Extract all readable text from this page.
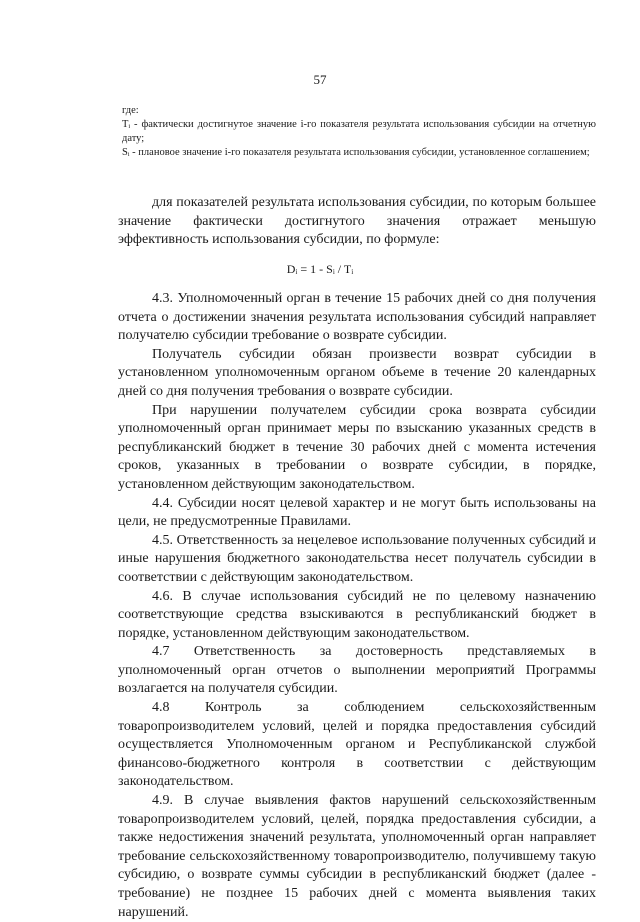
57

где:

Тᵢ - фактически достигнутое значение i-го показателя результата использования субсидии на отчетную дату;

Sᵢ - плановое значение i-го показателя результата использования субсидии, установленное соглашением;

для показателей результата использования субсидии, по которым большее значение фактически достигнутого значения отражает меньшую эффективность использования субсидии, по формуле:

Dᵢ = 1 - Sᵢ / Tᵢ

4.3. Уполномоченный орган в течение 15 рабочих дней со дня получения отчета о достижении значения результата использования субсидий направляет получателю субсидии требование о возврате субсидии.

Получатель субсидии обязан произвести возврат субсидии в установленном уполномоченным органом объеме в течение 20 календарных дней со дня получения требования о возврате субсидии.

При нарушении получателем субсидии срока возврата субсидии уполномоченный орган принимает меры по взысканию указанных средств в республиканский бюджет в течение 30 рабочих дней с момента истечения сроков, указанных в требовании о возврате субсидии, в порядке, установленном действующим законодательством.

4.4. Субсидии носят целевой характер и не могут быть использованы на цели, не предусмотренные Правилами.

4.5. Ответственность за нецелевое использование полученных субсидий и иные нарушения бюджетного законодательства несет получатель субсидии в соответствии с действующим законодательством.

4.6. В случае использования субсидий не по целевому назначению соответствующие средства взыскиваются в республиканский бюджет в порядке, установленном действующим законодательством.

4.7 Ответственность за достоверность представляемых в уполномоченный орган отчетов о выполнении мероприятий Программы возлагается на получателя субсидии.

4.8 Контроль за соблюдением сельскохозяйственным товаропроизводителем условий, целей и порядка предоставления субсидий осуществляется Уполномоченным органом и Республиканской службой финансово-бюджетного контроля в соответствии с действующим законодательством.

4.9. В случае выявления фактов нарушений сельскохозяйственным товаропроизводителем условий, целей, порядка предоставления субсидии, а также недостижения значений результата, уполномоченный орган направляет требование сельскохозяйственному товаропроизводителю, получившему такую субсидию, о возврате суммы субсидии в республиканский бюджет (далее - требование) не позднее 15 рабочих дней с момента выявления таких нарушений.
